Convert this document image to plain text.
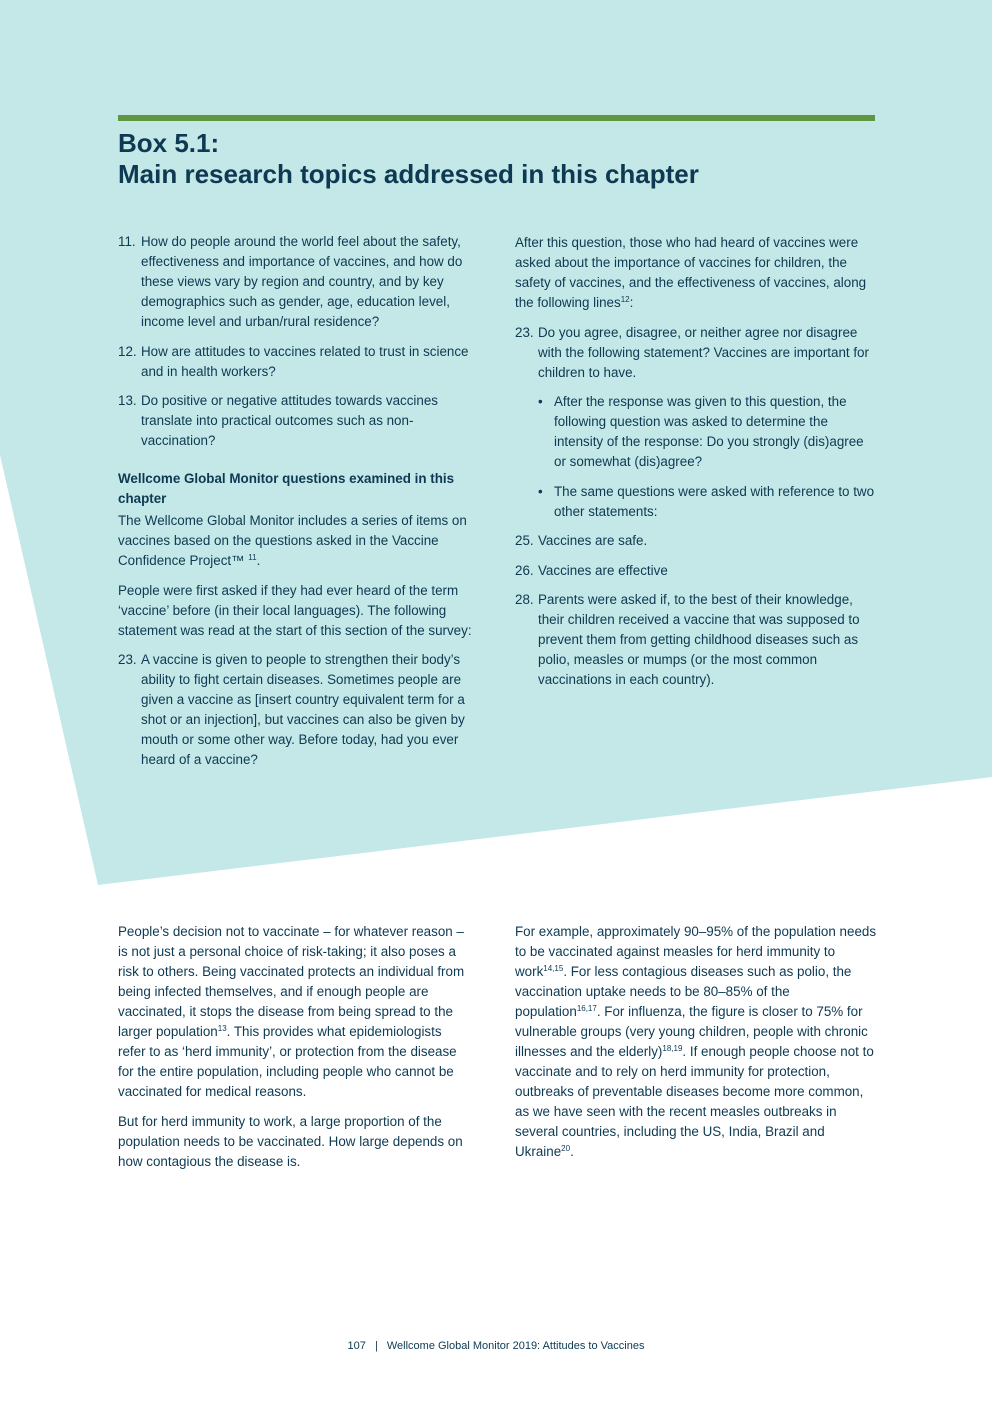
Box 5.1:
Main research topics addressed in this chapter
11. How do people around the world feel about the safety, effectiveness and importance of vaccines, and how do these views vary by region and country, and by key demographics such as gender, age, education level, income level and urban/rural residence?
12. How are attitudes to vaccines related to trust in science and in health workers?
13. Do positive or negative attitudes towards vaccines translate into practical outcomes such as non-vaccination?
Wellcome Global Monitor questions examined in this chapter

The Wellcome Global Monitor includes a series of items on vaccines based on the questions asked in the Vaccine Confidence Project™ $^{11}$.

People were first asked if they had ever heard of the term ‘vaccine’ before (in their local languages). The following statement was read at the start of this section of the survey:

23. A vaccine is given to people to strengthen their body’s ability to fight certain diseases. Sometimes people are given a vaccine as [insert country equivalent term for a shot or an injection], but vaccines can also be given by mouth or some other way. Before today, had you ever heard of a vaccine?

After this question, those who had heard of vaccines were asked about the importance of vaccines for children, the safety of vaccines, and the effectiveness of vaccines, along the following lines$^{12}$:

23. Do you agree, disagree, or neither agree nor disagree with the following statement? Vaccines are important for children to have.
• After the response was given to this question, the following question was asked to determine the intensity of the response: Do you strongly (dis)agree or somewhat (dis)agree?
• The same questions were asked with reference to two other statements:
25. Vaccines are safe.
26. Vaccines are effective
28. Parents were asked if, to the best of their knowledge, their children received a vaccine that was supposed to prevent them from getting childhood diseases such as polio, measles or mumps (or the most common vaccinations in each country).

People’s decision not to vaccinate – for whatever reason – is not just a personal choice of risk-taking; it also poses a risk to others. Being vaccinated protects an individual from being infected themselves, and if enough people are vaccinated, it stops the disease from being spread to the larger population$^{13}$. This provides what epidemiologists refer to as ‘herd immunity’, or protection from the disease for the entire population, including people who cannot be vaccinated for medical reasons.

But for herd immunity to work, a large proportion of the population needs to be vaccinated. How large depends on how contagious the disease is.

For example, approximately 90–95% of the population needs to be vaccinated against measles for herd immunity to work$^{14,15}$. For less contagious diseases such as polio, the vaccination uptake needs to be 80–85% of the population$^{16,17}$. For influenza, the figure is closer to 75% for vulnerable groups (very young children, people with chronic illnesses and the elderly)$^{18,19}$. If enough people choose not to vaccinate and to rely on herd immunity for protection, outbreaks of preventable diseases become more common, as we have seen with the recent measles outbreaks in several countries, including the US, India, Brazil and Ukraine$^{20}$.

107 | Wellcome Global Monitor 2019: Attitudes to Vaccines
